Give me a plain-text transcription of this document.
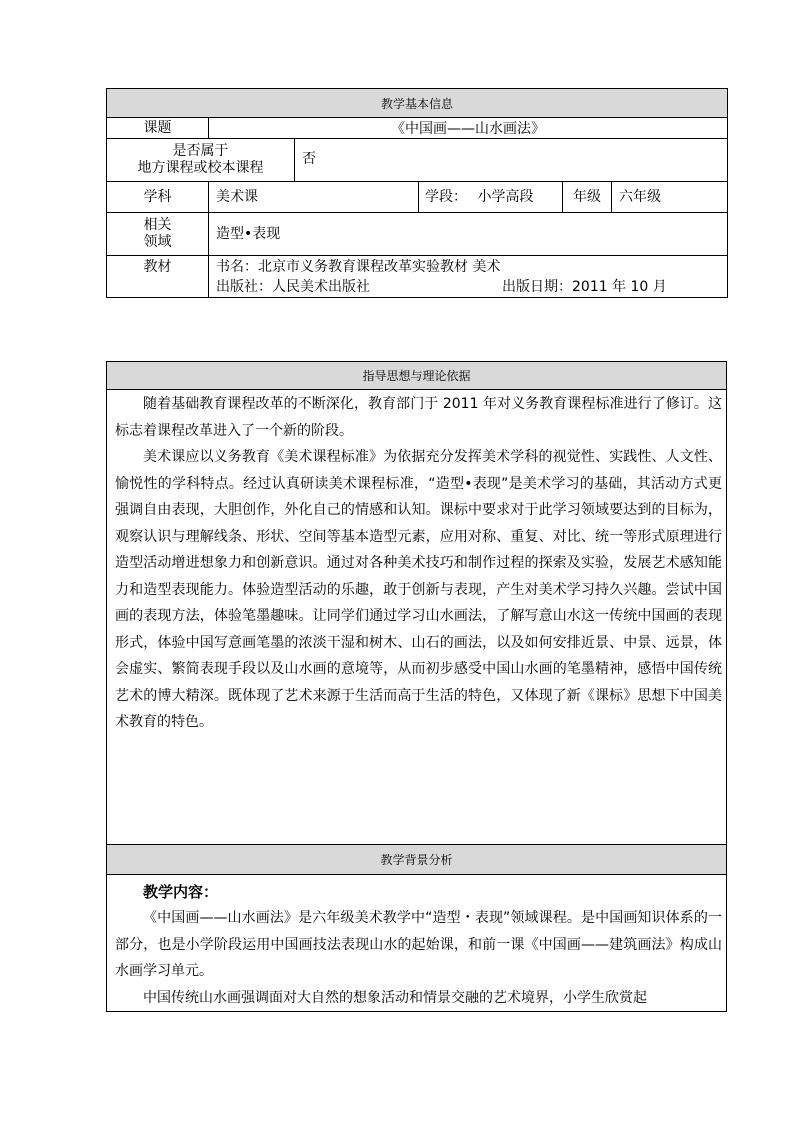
教学基本信息					
课题	《中国画——山水画法》				

是否属于
地方课程或校本课程		否			
学科	美术课		学段： 小学高段	年级	六年级

相关
领域	造型•表现				
教材	书名：北京市义务教育课程改革实验教材 美术
出版社：人民美术出版社 出版日期：2011 年 10 月				
指导思想与理论依据

随着基础教育课程改革的不断深化，教育部门于 2011 年对义务教育课程标准进行了修订。这标志着课程改革进入了一个新的阶段。

美术课应以义务教育《美术课程标准》为依据充分发挥美术学科的视觉性、实践性、人文性、愉悦性的学科特点。经过认真研读美术课程标准，“造型•表现”是美术学习的基础，其活动方式更强调自由表现，大胆创作，外化自己的情感和认知。课标中要求对于此学习领域要达到的目标为，观察认识与理解线条、形状、空间等基本造型元素，应用对称、重复、对比、统一等形式原理进行造型活动增进想象力和创新意识。通过对各种美术技巧和制作过程的探索及实验，发展艺术感知能力和造型表现能力。体验造型活动的乐趣，敢于创新与表现，产生对美术学习持久兴趣。尝试中国画的表现方法，体验笔墨趣味。让同学们通过学习山水画法，了解写意山水这一传统中国画的表现形式，体验中国写意画笔墨的浓淡干湿和树木、山石的画法，以及如何安排近景、中景、远景，体会虚实、繁简表现手段以及山水画的意境等，从而初步感受中国山水画的笔墨精神，感悟中国传统艺术的博大精深。既体现了艺术来源于生活而高于生活的特色，又体现了新《课标》思想下中国美术教育的特色。

教学背景分析

教学内容：

《中国画——山水画法》是六年级美术教学中“造型・表现”领域课程。是中国画知识体系的一部分，也是小学阶段运用中国画技法表现山水的起始课，和前一课《中国画——建筑画法》构成山水画学习单元。

中国传统山水画强调面对大自然的想象活动和情景交融的艺术境界，小学生欣赏起
